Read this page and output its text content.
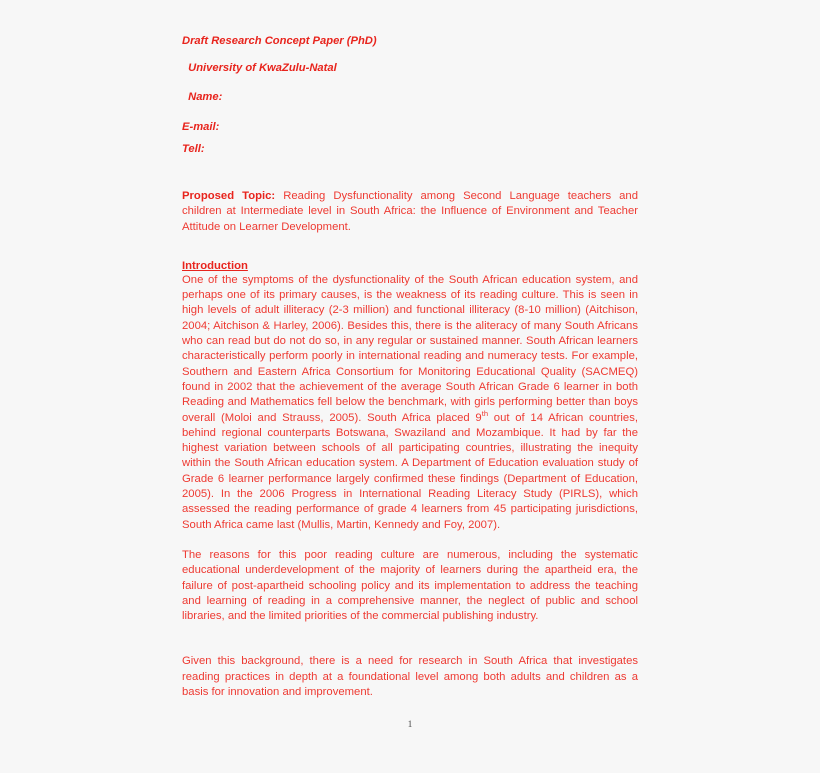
Draft Research Concept Paper (PhD)
University of KwaZulu-Natal
Name:
E-mail:
Tell:

Proposed Topic: Reading Dysfunctionality among Second Language teachers and children at Intermediate level in South Africa: the Influence of Environment and Teacher Attitude on Learner Development.

Introduction

One of the symptoms of the dysfunctionality of the South African education system, and perhaps one of its primary causes, is the weakness of its reading culture. This is seen in high levels of adult illiteracy (2-3 million) and functional illiteracy (8-10 million) (Aitchison, 2004; Aitchison & Harley, 2006). Besides this, there is the aliteracy of many South Africans who can read but do not do so, in any regular or sustained manner. South African learners characteristically perform poorly in international reading and numeracy tests. For example, Southern and Eastern Africa Consortium for Monitoring Educational Quality (SACMEQ) found in 2002 that the achievement of the average South African Grade 6 learner in both Reading and Mathematics fell below the benchmark, with girls performing better than boys overall (Moloi and Strauss, 2005). South Africa placed 9th out of 14 African countries, behind regional counterparts Botswana, Swaziland and Mozambique. It had by far the highest variation between schools of all participating countries, illustrating the inequity within the South African education system. A Department of Education evaluation study of Grade 6 learner performance largely confirmed these findings (Department of Education, 2005). In the 2006 Progress in International Reading Literacy Study (PIRLS), which assessed the reading performance of grade 4 learners from 45 participating jurisdictions, South Africa came last (Mullis, Martin, Kennedy and Foy, 2007).

The reasons for this poor reading culture are numerous, including the systematic educational underdevelopment of the majority of learners during the apartheid era, the failure of post-apartheid schooling policy and its implementation to address the teaching and learning of reading in a comprehensive manner, the neglect of public and school libraries, and the limited priorities of the commercial publishing industry.

Given this background, there is a need for research in South Africa that investigates reading practices in depth at a foundational level among both adults and children as a basis for innovation and improvement.

1
